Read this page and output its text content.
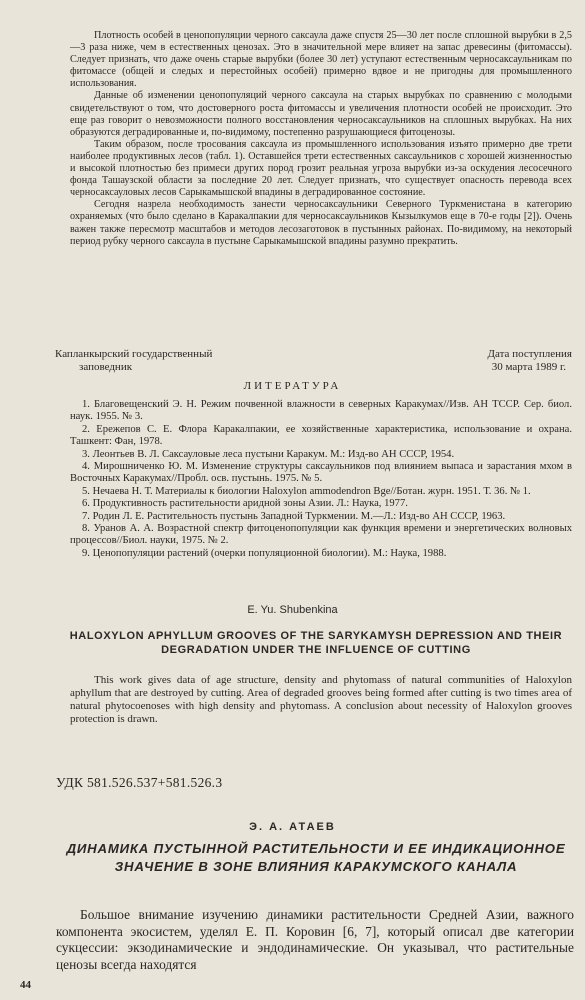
Плотность особей в ценопопуляции черного саксаула даже спустя 25—30 лет после сплошной вырубки в 2,5—3 раза ниже, чем в естественных ценозах. Это в значительной мере влияет на запас древесины (фитомассы). Следует признать, что даже очень старые вырубки (более 30 лет) уступают естественным черносаксаульникам по фитомассе (общей и следых и перестойных особей) примерно вдвое и не пригодны для промышленного использования.

Данные об изменении ценопопуляций черного саксаула на старых вырубках по сравнению с молодыми свидетельствуют о том, что достоверного роста фитомассы и увеличения плотности особей не происходит. Это еще раз говорит о невозможности полного восстановления черносаксаульников на сплошных вырубках. На них образуются деградированные и, по-видимому, постепенно разрушающиеся фитоценозы.

Таким образом, после тросования саксаула из промышленного использования изъято примерно две трети наиболее продуктивных лесов (табл. 1). Оставшейся трети естественных саксаульников с хорошей жизненностью и высокой плотностью без примеси других пород грозит реальная угроза вырубки из-за оскудения лесосечного фонда Ташаузской области за последние 20 лет. Следует признать, что существует опасность перевода всех черносаксауловых лесов Сарыкамышской впадины в деградированное состояние.

Сегодня назрела необходимость занести черносаксаульники Северного Туркменистана в категорию охраняемых (что было сделано в Каракалпакии для черносаксаульников Кызылкумов еще в 70-е годы [2]). Очень важен также пересмотр масштабов и методов лесозаготовок в пустынных районах. По-видимому, на некоторый период рубку черного саксаула в пустыне Сарыкамышской впадины разумно прекратить.

Капланкырский государственный
заповедник
Дата поступления
30 марта 1989 г.
ЛИТЕРАТУРА

1. Благовещенский Э. Н. Режим почвенной влажности в северных Каракумах//Изв. АН ТССР. Сер. биол. наук. 1955. № 3.

2. Ережепов С. Е. Флора Каракалпакии, ее хозяйственные характеристика, использование и охрана. Ташкент: Фан, 1978.

3. Леонтьев В. Л. Саксауловые леса пустыни Каракум. М.: Изд-во АН СССР, 1954.

4. Мирошниченко Ю. М. Изменение структуры саксаульников под влиянием выпаса и зарастания мхом в Восточных Каракумах//Пробл. осв. пустынь. 1975. № 5.

5. Нечаева Н. Т. Материалы к биологии Haloxylon ammodendron Bge//Ботан. журн. 1951. Т. 36. № 1.

6. Продуктивность растительности аридной зоны Азии. Л.: Наука, 1977.

7. Родин Л. Е. Растительность пустынь Западной Туркмении. М.—Л.: Изд-во АН СССР, 1963.

8. Уранов А. А. Возрастной спектр фитоценопопуляции как функция времени и энергетических волновых процессов//Биол. науки, 1975. № 2.

9. Ценопопуляции растений (очерки популяционной биологии). М.: Наука, 1988.

E. Yu. Shubenkina
HALOXYLON APHYLLUM GROOVES OF THE SARYKAMYSH DEPRESSION AND THEIR DEGRADATION UNDER THE INFLUENCE OF CUTTING

This work gives data of age structure, density and phytomass of natural communities of Haloxylon aphyllum that are destroyed by cutting. Area of degraded grooves being formed after cutting is two times area of natural phytocoenoses with high density and phytomass. A conclusion about necessity of Haloxylon grooves protection is drawn.

УДК 581.526.537+581.526.3
Э. А. АТАЕВ
ДИНАМИКА ПУСТЫННОЙ РАСТИТЕЛЬНОСТИ И ЕЕ ИНДИКАЦИОННОЕ ЗНАЧЕНИЕ В ЗОНЕ ВЛИЯНИЯ КАРАКУМСКОГО КАНАЛА

Большое внимание изучению динамики растительности Средней Азии, важного компонента экосистем, уделял Е. П. Коровин [6, 7], который описал две категории сукцессии: экзодинамические и эндодинамические. Он указывал, что растительные ценозы всегда находятся

44
